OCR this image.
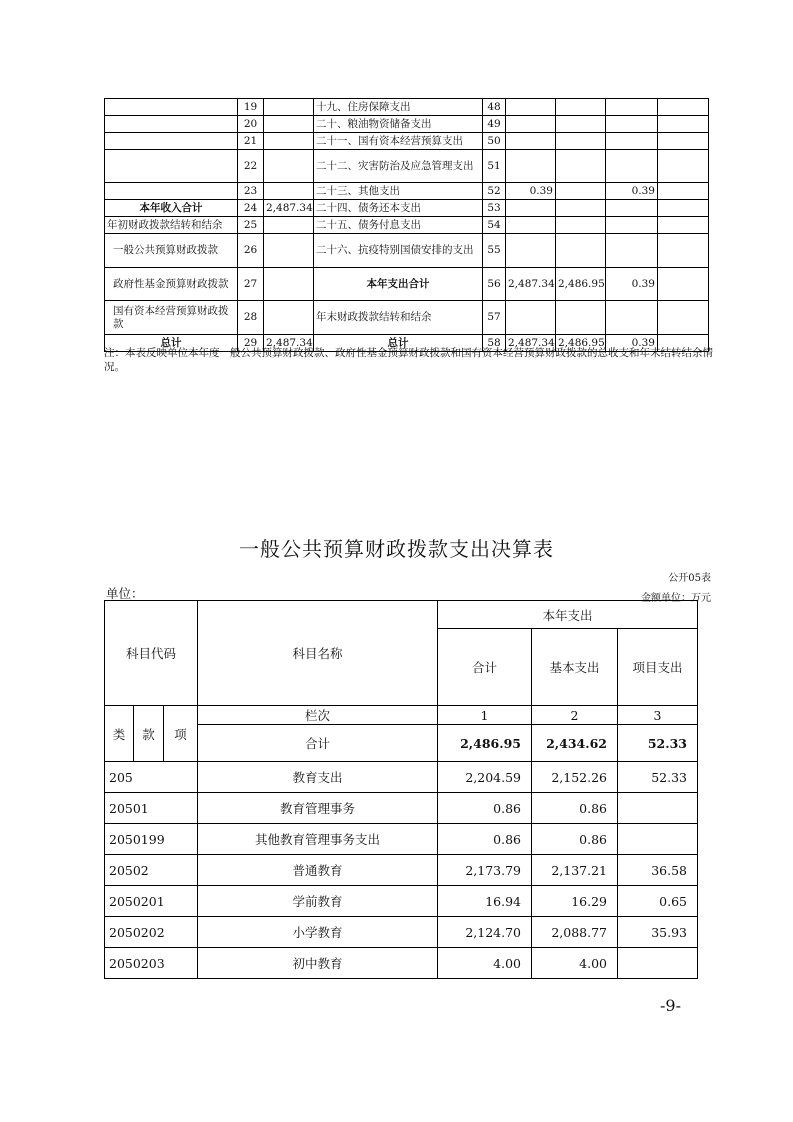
	19		十九、住房保障支出	48				
	20		二十、粮油物资储备支出	49				
	21		二十一、国有资本经营预算支出	50				
	22		二十二、灾害防治及应急管理支出	51				
	23		二十三、其他支出	52	0.39		0.39	
本年收入合计	24	2,487.34	二十四、债务还本支出	53				
年初财政拨款结转和结余	25		二十五、债务付息支出	54				
一般公共预算财政拨款	26		二十六、抗疫特别国债安排的支出	55				
政府性基金预算财政拨款	27		本年支出合计	56	2,487.34	2,486.95	0.39	
国有资本经营预算财政拨款	28		年末财政拨款结转和结余	57				
总计	29	2,487.34	总计	58	2,487.34	2,486.95	0.39	
注：本表反映单位本年度一般公共预算财政拨款、政府性基金预算财政拨款和国有资本经营预算财政拨款的总收支和年末结转结余情况。
一般公共预算财政拨款支出决算表
公开05表
单位：	金额单位：万元
科目代码			科目名称	本年支出		
				合计	基本支出	项目支出

类	款	项	栏次	1	2	3
			合计	2,486.95	2,434.62	52.33
205			教育支出	2,204.59	2,152.26	52.33
20501			教育管理事务	0.86	0.86	
2050199			其他教育管理事务支出	0.86	0.86	
20502			普通教育	2,173.79	2,137.21	36.58
2050201			学前教育	16.94	16.29	0.65
2050202			小学教育	2,124.70	2,088.77	35.93
2050203			初中教育	4.00	4.00	
-9-
